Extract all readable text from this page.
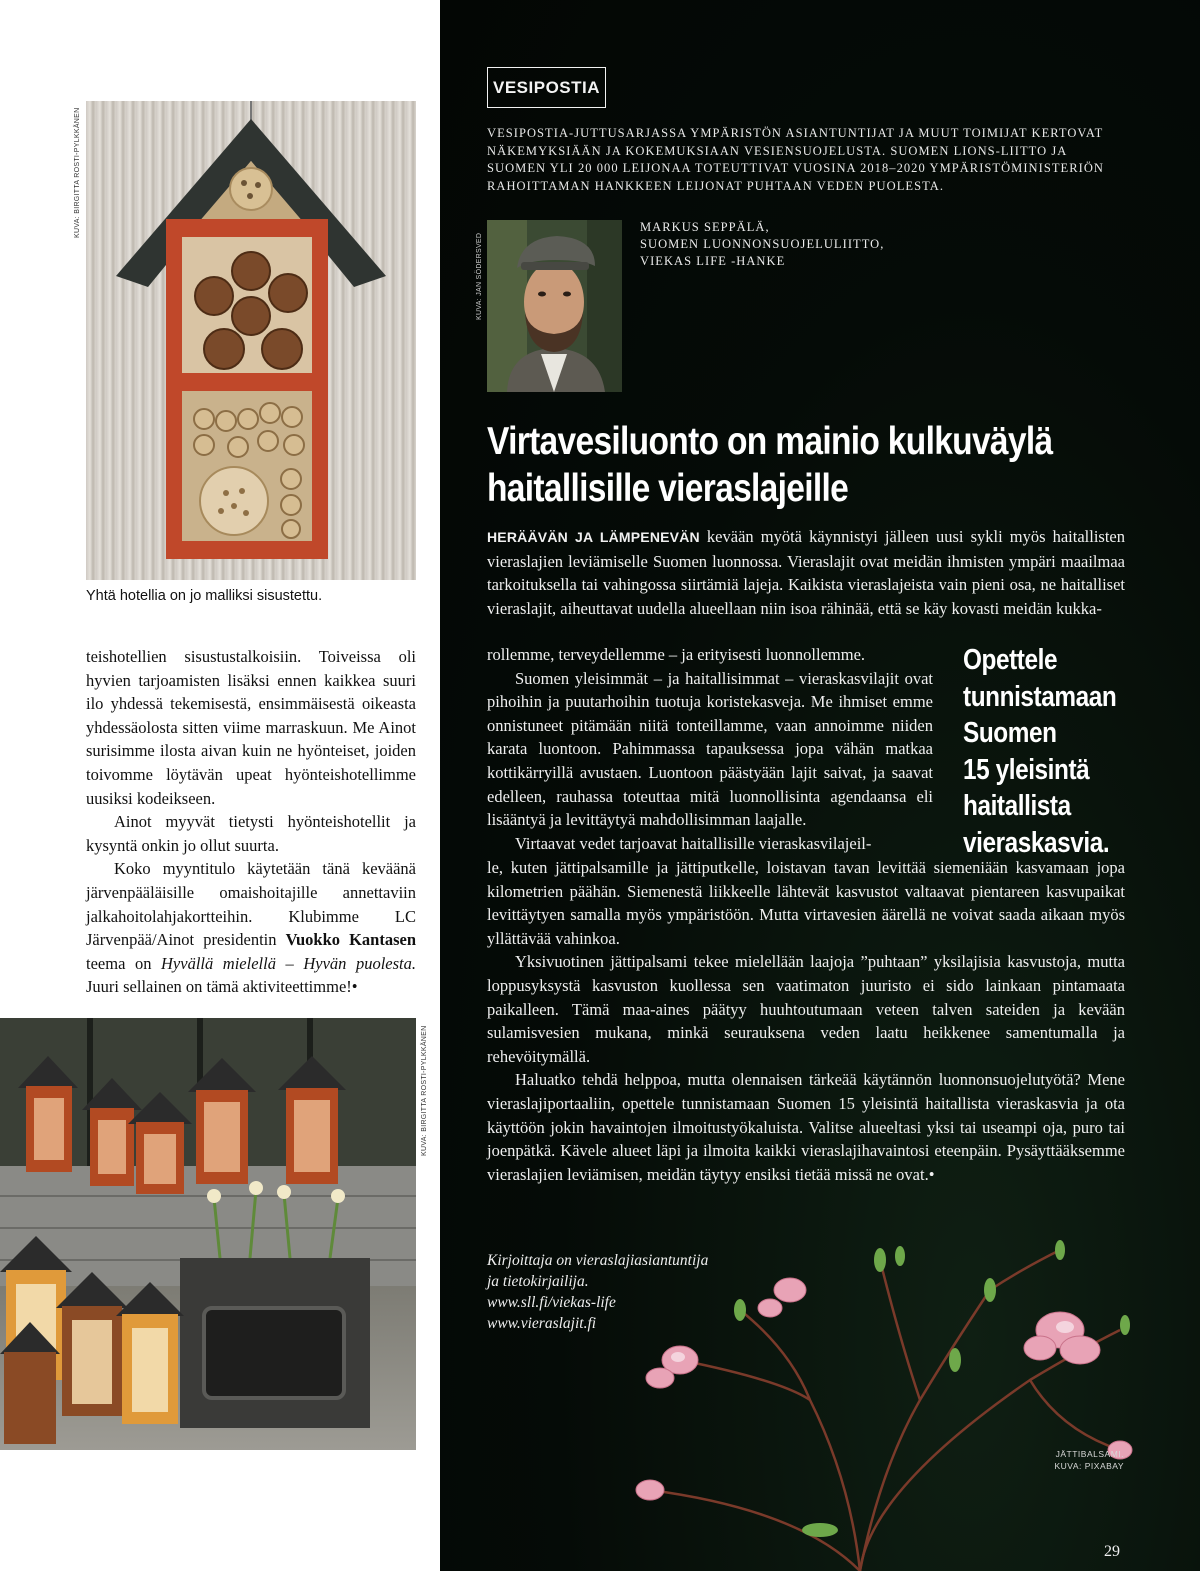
KUVA: BIRGITTA ROSTI-PYLKKÄNEN
Yhtä hotellia on jo malliksi sisustettu.

teishotellien sisustustalkoisiin. Toiveissa oli hyvien tarjoamisten lisäksi ennen kaikkea suuri ilo yhdessä tekemisestä, ensimmäisestä oikeasta yhdessäolosta sitten viime marraskuun. Me Ainot surisimme ilosta aivan kuin ne hyönteiset, joiden toivomme löytävän upeat hyönteishotellimme uusiksi kodeikseen.

Ainot myyvät tietysti hyönteishotellit ja kysyntä onkin jo ollut suurta.

Koko myyntitulo käytetään tänä keväänä järvenpääläisille omaishoitajille annettaviin jalkahoitolahjakortteihin. Klubimme LC Järvenpää/Ainot presidentin Vuokko Kantasen teema on Hyvällä mielellä – Hyvän puolesta. Juuri sellainen on tämä aktiviteettimme!•

KUVA: BIRGITTA ROSTI-PYLKKÄNEN
VESIPOSTIA
VESIPOSTIA-JUTTUSARJASSA YMPÄRISTÖN ASIANTUNTIJAT JA MUUT TOIMIJAT KERTOVAT NÄKEMYKSIÄÄN JA KOKEMUKSIAAN VESIENSUOJELUSTA. SUOMEN LIONS-LIITTO JA SUOMEN YLI 20 000 LEIJONAA TOTEUTTIVAT VUOSINA 2018–2020 YMPÄRISTÖMINISTERIÖN RAHOITTAMAN HANKKEEN LEIJONAT PUHTAAN VEDEN PUOLESTA.
KUVA: JAN SÖDERSVED
MARKUS SEPPÄLÄ,
SUOMEN LUONNONSUOJELULIITTO,
VIEKAS LIFE -HANKE
Virtavesiluonto on mainio kulkuväylä
haitallisille vieraslajeille

HERÄÄVÄN JA LÄMPENEVÄN kevään myötä käynnistyi jälleen uusi sykli myös haitallisten vieraslajien leviämiselle Suomen luonnossa. Vieraslajit ovat meidän ihmisten ympäri maailmaa tarkoituksella tai vahingossa siirtämiä lajeja. Kaikista vieraslajeista vain pieni osa, ne haitalliset vieraslajit, aiheuttavat uudella alueellaan niin isoa rähinää, että se käy kovasti meidän kukka-

rollemme, terveydellemme – ja erityisesti luonnollemme.

Suomen yleisimmät – ja haitallisimmat – vieraskasvilajit ovat pihoihin ja puutarhoihin tuotuja koristekasveja. Me ihmiset emme onnistuneet pitämään niitä tonteillamme, vaan annoimme niiden karata luontoon. Pahimmassa tapauksessa jopa vähän matkaa kottikärryillä avustaen. Luontoon päästyään lajit saivat, ja saavat edelleen, rauhassa toteuttaa mitä luonnollisinta agendaansa eli lisääntyä ja levittäytyä mahdollisimman laajalle.

Virtaavat vedet tarjoavat haitallisille vieraskasvilajeil-

le, kuten jättipalsamille ja jättiputkelle, loistavan tavan levittää siemeniään kasvamaan jopa kilometrien päähän. Siemenestä liikkeelle lähtevät kasvustot valtaavat pientareen kasvupaikat levittäytyen samalla myös ympäristöön. Mutta virtavesien äärellä ne voivat saada aikaan myös yllättävää vahinkoa.

Yksivuotinen jättipalsami tekee mielellään laajoja ”puhtaan” yksilajisia kasvustoja, mutta loppusyksystä kasvuston kuollessa sen vaatimaton juuristo ei sido lainkaan pintamaata paikalleen. Tämä maa-aines päätyy huuhtoutumaan veteen talven sateiden ja kevään sulamisvesien mukana, minkä seurauksena veden laatu heikkenee samentumalla ja rehevöitymällä.

Haluatko tehdä helppoa, mutta olennaisen tärkeää käytännön luonnonsuojelutyötä? Mene vieraslajiportaaliin, opettele tunnistamaan Suomen 15 yleisintä haitallista vieraskasvia ja ota käyttöön jokin havaintojen ilmoitustyökaluista. Valitse alueeltasi yksi tai useampi oja, puro tai joenpätkä. Kävele alueet läpi ja ilmoita kaikki vieraslajihavaintosi eteenpäin. Pysäyttääksemme vieraslajien leviämisen, meidän täytyy ensiksi tietää missä ne ovat.•

Opettele
tunnistamaan
Suomen
15 yleisintä
haitallista
vieraskasvia.
Kirjoittaja on vieraslajiasiantuntija
ja tietokirjailija.
www.sll.fi/viekas-life
www.vieraslajit.fi
JÄTTIBALSAMI.
KUVA: PIXABAY
29
